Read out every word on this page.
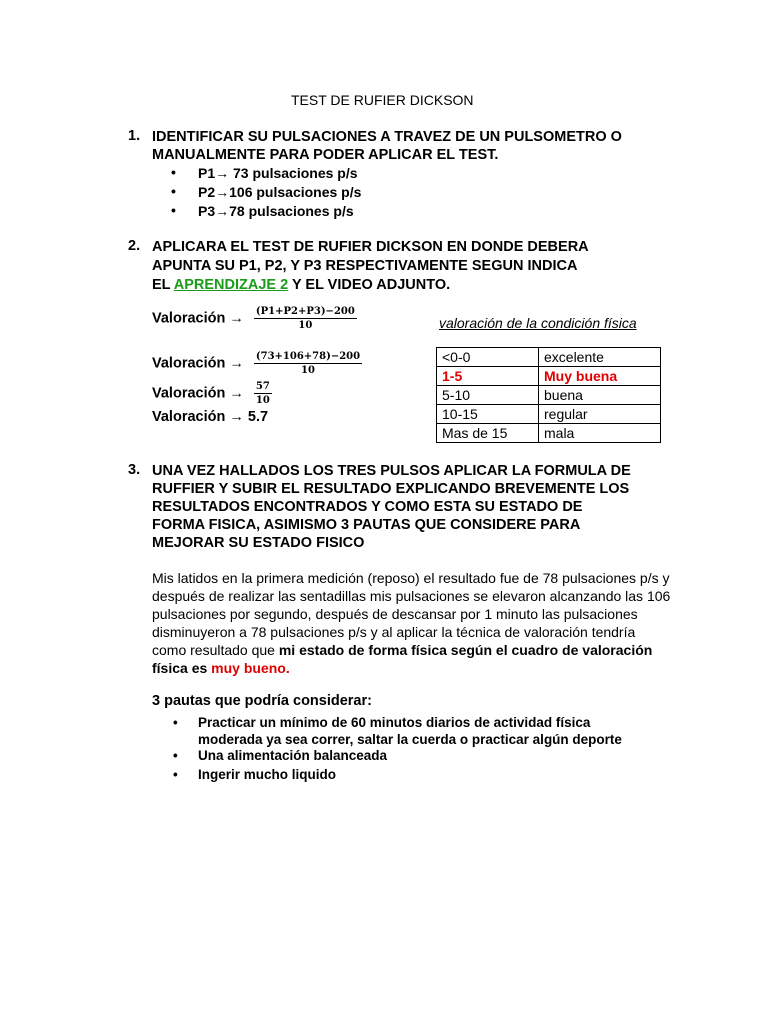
TEST DE RUFIER DICKSON
1. IDENTIFICAR SU PULSACIONES A TRAVEZ DE UN PULSOMETRO O
MANUALMENTE PARA PODER APLICAR EL TEST.
• P1→ 73 pulsaciones p/s
• P2→106 pulsaciones p/s
• P3→78 pulsaciones p/s
2. APLICARA EL TEST DE RUFIER DICKSON EN DONDE DEBERA
APUNTA SU P1, P2, Y P3 RESPECTIVAMENTE SEGUN INDICA
EL APRENDIZAJE 2 Y EL VIDEO ADJUNTO.
Valoración → $\frac{(P1+P2+P3)-200}{10}$
Valoración → $\frac{(73+106+78)-200}{10}$
Valoración → $\frac{57}{10}$
Valoración → 5.7
valoración de la condición física
<0-0	excelente
1-5	Muy buena
5-10	buena
10-15	regular
Mas de 15	mala
3. UNA VEZ HALLADOS LOS TRES PULSOS APLICAR LA FORMULA DE
RUFFIER Y SUBIR EL RESULTADO EXPLICANDO BREVEMENTE LOS
RESULTADOS ENCONTRADOS Y COMO ESTA SU ESTADO DE
FORMA FISICA, ASIMISMO 3 PAUTAS QUE CONSIDERE PARA
MEJORAR SU ESTADO FISICO
Mis latidos en la primera medición (reposo) el resultado fue de 78 pulsaciones p/s y después de realizar las sentadillas mis pulsaciones se elevaron alcanzando las 106 pulsaciones por segundo, después de descansar por 1 minuto las pulsaciones disminuyeron a 78 pulsaciones p/s y al aplicar la técnica de valoración tendría como resultado que mi estado de forma física según el cuadro de valoración física es muy bueno.
3 pautas que podría considerar:
• Practicar un mínimo de 60 minutos diarios de actividad física
moderada ya sea correr, saltar la cuerda o practicar algún deporte
• Una alimentación balanceada
• Ingerir mucho liquido
